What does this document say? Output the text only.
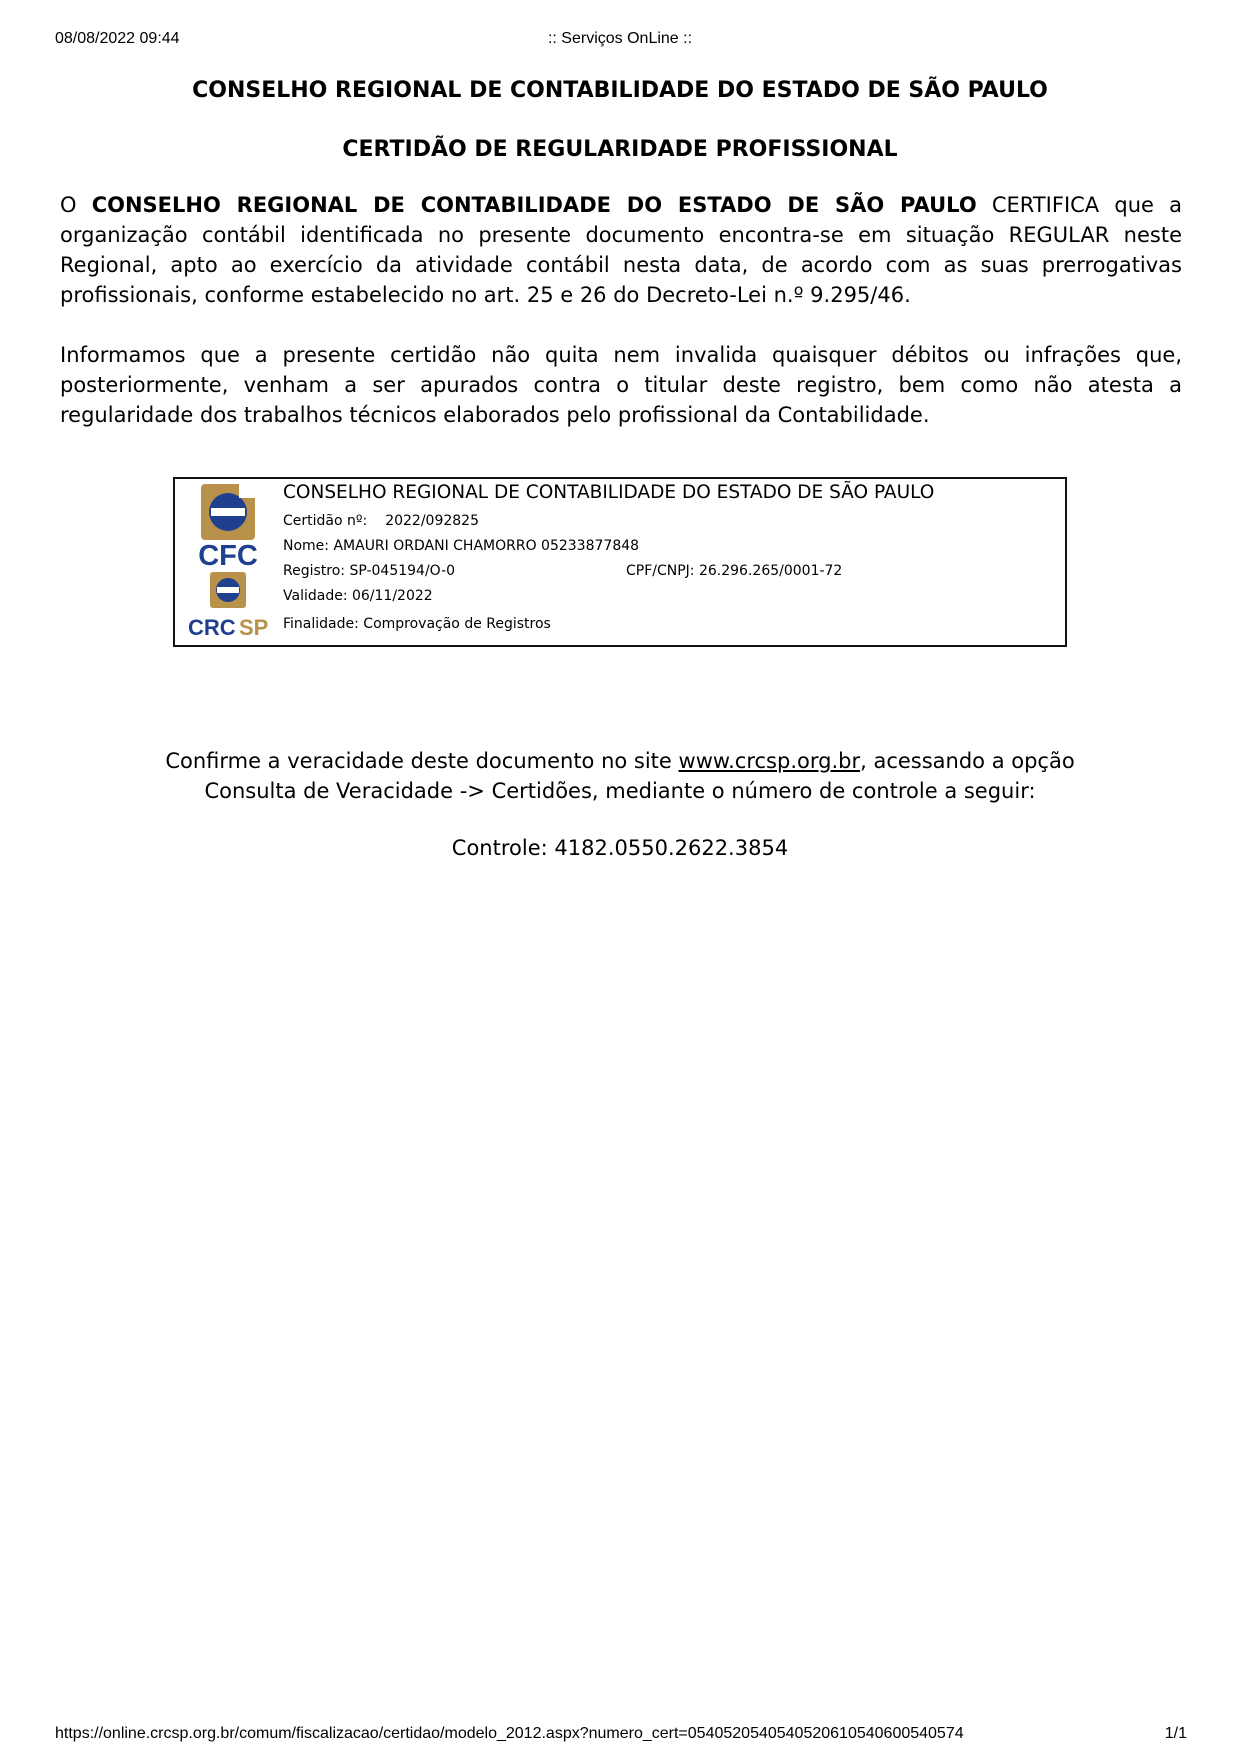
08/08/2022 09:44	:: Serviços OnLine ::
CONSELHO REGIONAL DE CONTABILIDADE DO ESTADO DE SÃO PAULO
CERTIDÃO DE REGULARIDADE PROFISSIONAL
O CONSELHO REGIONAL DE CONTABILIDADE DO ESTADO DE SÃO PAULO CERTIFICA que a organização contábil identificada no presente documento encontra-se em situação REGULAR neste Regional, apto ao exercício da atividade contábil nesta data, de acordo com as suas prerrogativas profissionais, conforme estabelecido no art. 25 e 26 do Decreto-Lei n.º 9.295/46.
Informamos que a presente certidão não quita nem invalida quaisquer débitos ou infrações que, posteriormente, venham a ser apurados contra o titular deste registro, bem como não atesta a regularidade dos trabalhos técnicos elaborados pelo profissional da Contabilidade.
CFC
CRC SP
CONSELHO REGIONAL DE CONTABILIDADE DO ESTADO DE SÃO PAULO
Certidão nº: 2022/092825
Nome: AMAURI ORDANI CHAMORRO 05233877848
Registro: SP-045194/O-0	CPF/CNPJ: 26.296.265/0001-72
Validade: 06/11/2022
Finalidade: Comprovação de Registros
Confirme a veracidade deste documento no site www.crcsp.org.br, acessando a opção
Consulta de Veracidade -> Certidões, mediante o número de controle a seguir:
Controle: 4182.0550.2622.3854
https://online.crcsp.org.br/comum/fiscalizacao/certidao/modelo_2012.aspx?numero_cert=0540520540540520610540600540574	1/1
